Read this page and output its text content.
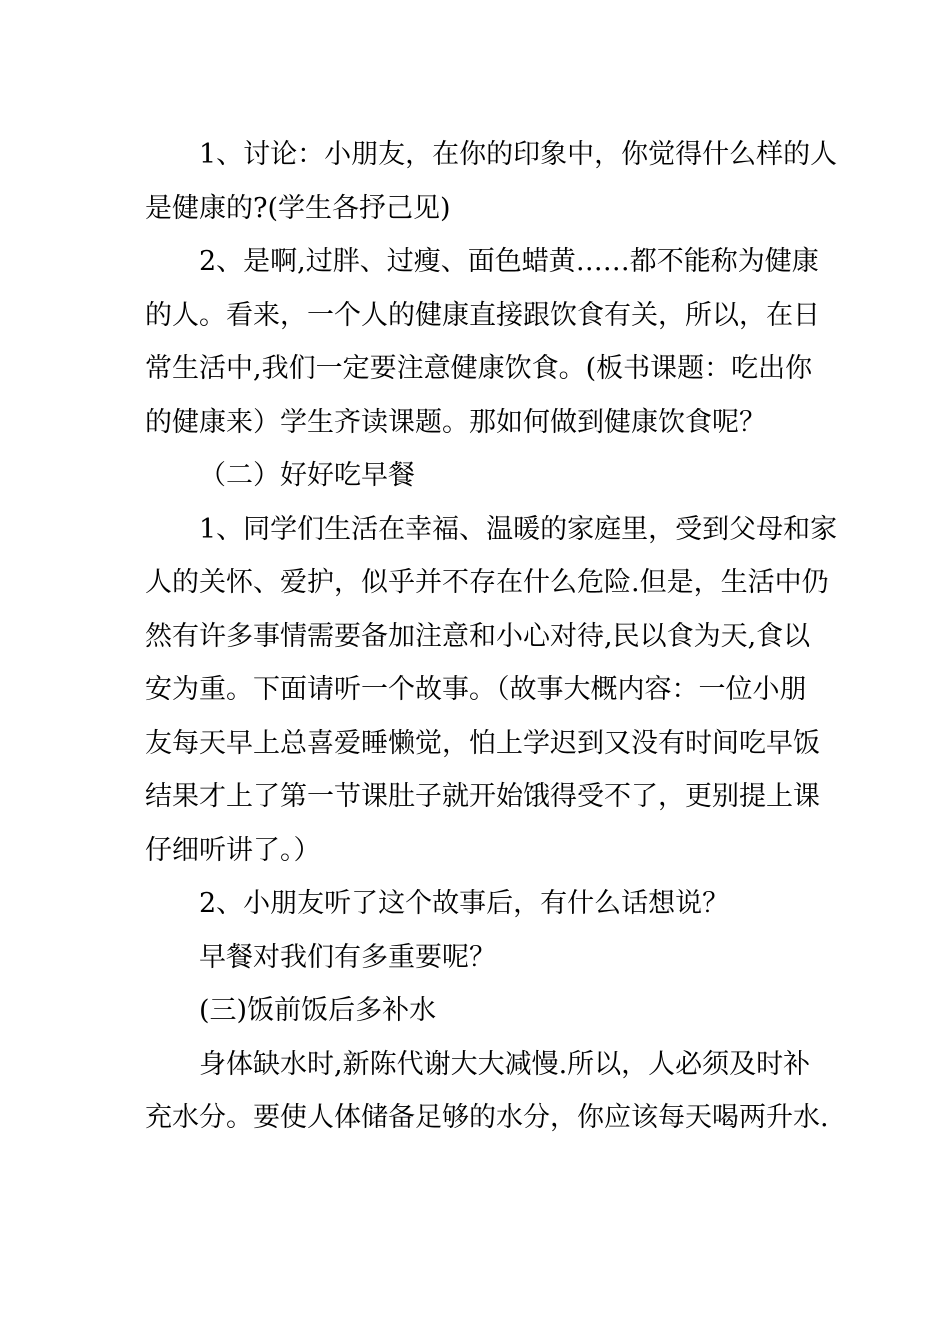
1、讨论：小朋友，在你的印象中，你觉得什么样的人
是健康的?(学生各抒己见)
2、是啊,过胖、过瘦、面色蜡黄……都不能称为健康
的人。看来，一个人的健康直接跟饮食有关，所以，在日
常生活中,我们一定要注意健康饮食。(板书课题：吃出你
的健康来）学生齐读课题。那如何做到健康饮食呢？
（二）好好吃早餐
1、同学们生活在幸福、温暖的家庭里，受到父母和家
人的关怀、爱护，似乎并不存在什么危险.但是，生活中仍
然有许多事情需要备加注意和小心对待,民以食为天,食以
安为重。下面请听一个故事。（故事大概内容：一位小朋
友每天早上总喜爱睡懒觉，怕上学迟到又没有时间吃早饭
结果才上了第一节课肚子就开始饿得受不了，更别提上课
仔细听讲了。）
2、小朋友听了这个故事后，有什么话想说？
早餐对我们有多重要呢？
(三)饭前饭后多补水
身体缺水时,新陈代谢大大减慢.所以，人必须及时补
充水分。要使人体储备足够的水分，你应该每天喝两升水.
